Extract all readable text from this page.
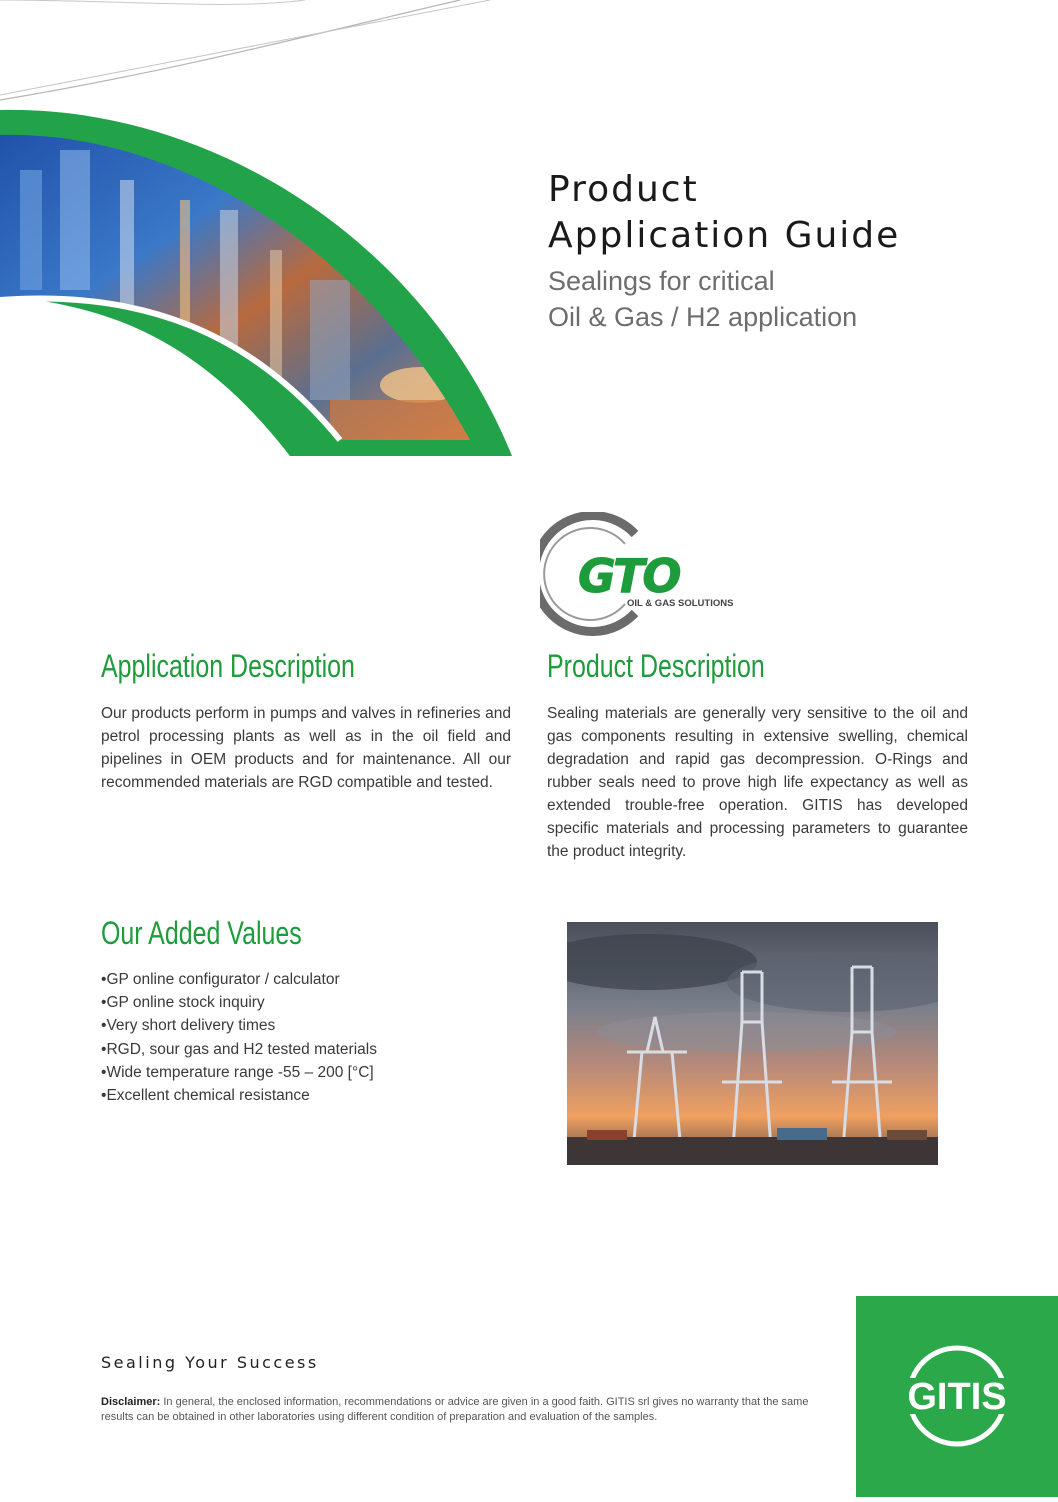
Product
Application Guide

Sealings for critical

Oil & Gas / H2 application

GTO
OIL & GAS SOLUTIONS
Application Description

Our products perform in pumps and valves in refineries and petrol processing plants as well as in the oil field and pipelines in OEM products and for maintenance. All our recommended materials are RGD compatible and tested.

Product Description

Sealing materials are generally very sensitive to the oil and gas components resulting in extensive swelling, chemical degradation and rapid gas decompression. O-Rings and rubber seals need to prove high life expectancy as well as extended trouble-free operation. GITIS has developed specific materials and processing parameters to guarantee the product integrity.

Our Added Values
• GP online configurator / calculator
• GP online stock inquiry
• Very short delivery times
• RGD, sour gas and H2 tested materials
• Wide temperature range -55 – 200 [°C]
• Excellent chemical resistance
Sealing Your Success

Disclaimer: In general, the enclosed information, recommendations or advice are given in a good faith. GITIS srl gives no warranty that the same results can be obtained in other laboratories using different condition of preparation and evaluation of the samples.	GITIS
